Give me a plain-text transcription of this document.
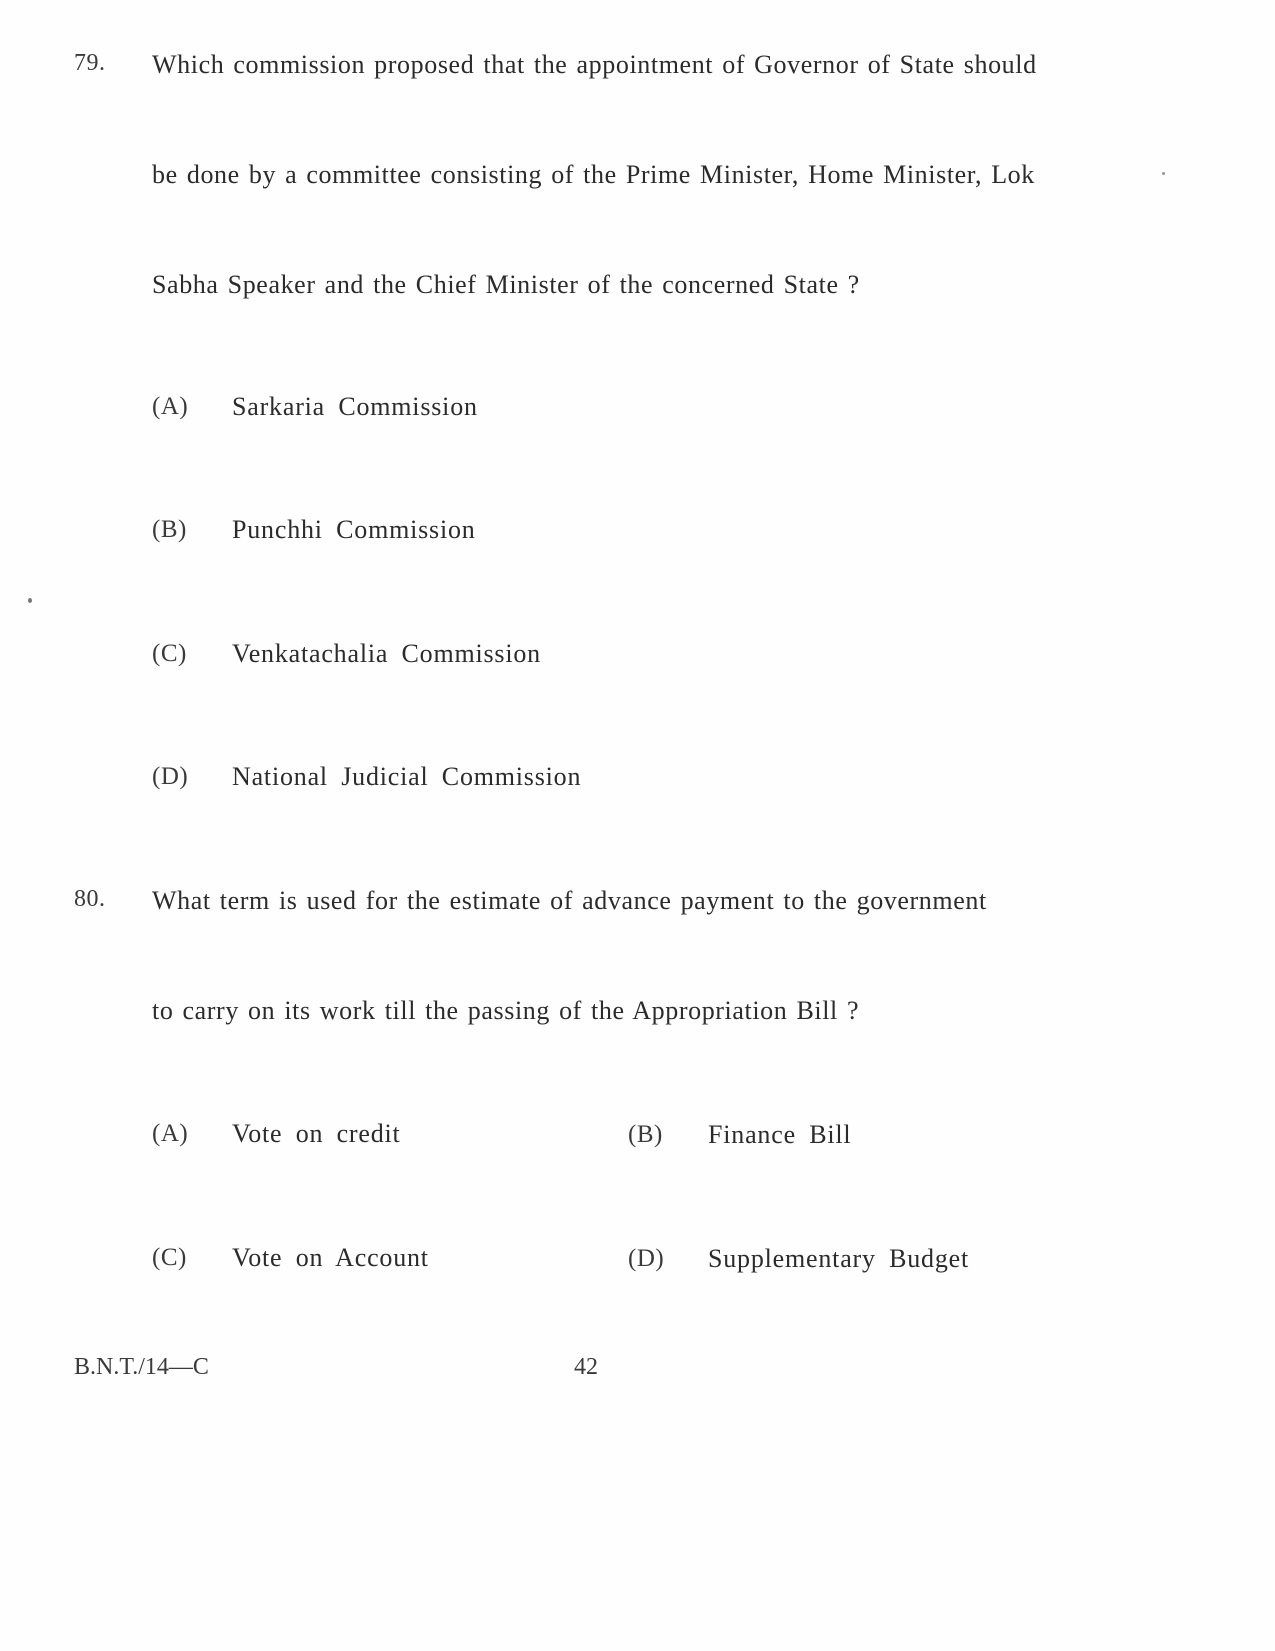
79. Which commission proposed that the appointment of Governor of State should
be done by a committee consisting of the Prime Minister, Home Minister, Lok
Sabha Speaker and the Chief Minister of the concerned State ?
(A) Sarkaria Commission
(B) Punchhi Commission
(C) Venkatachalia Commission
(D) National Judicial Commission
80. What term is used for the estimate of advance payment to the government
to carry on its work till the passing of the Appropriation Bill ?
(A) Vote on credit	(B) Finance Bill
(C) Vote on Account	(D) Supplementary Budget
B.N.T./14—C	42
